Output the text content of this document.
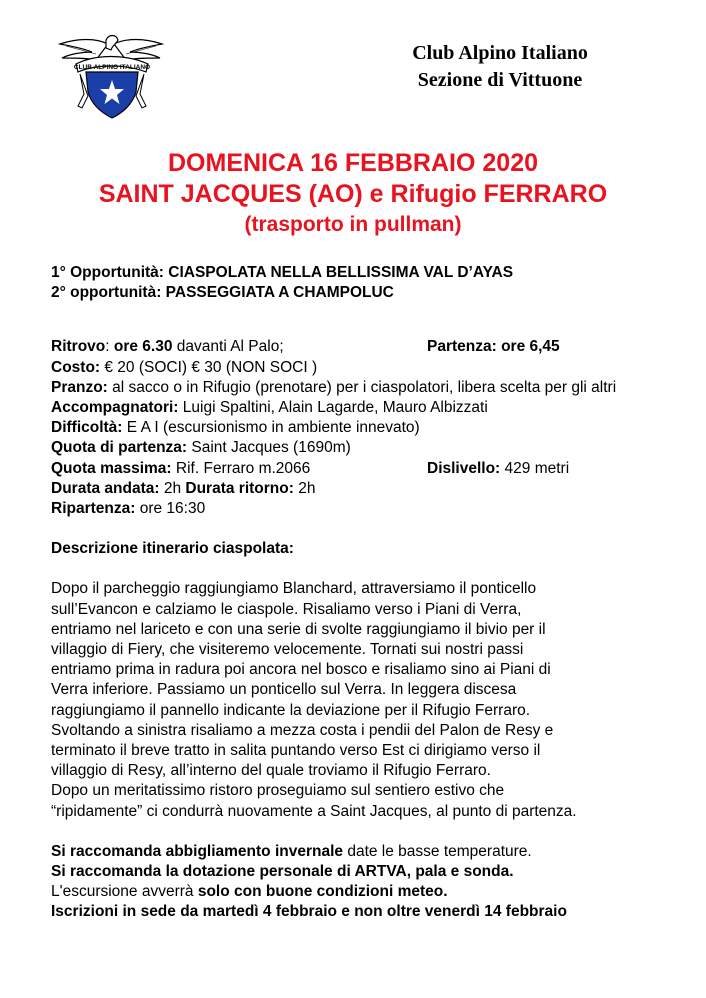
CLUB ALPINO ITALIANO
Club Alpino Italiano
Sezione di Vittuone
DOMENICA 16 FEBBRAIO 2020
SAINT JACQUES (AO) e Rifugio FERRARO
(trasporto in pullman)

1° Opportunità: CIASPOLATA NELLA BELLISSIMA VAL D’AYAS

2° opportunità: PASSEGGIATA A CHAMPOLUC

Ritrovo: ore 6.30 davanti Al Palo;	Partenza: ore 6,45

Costo: € 20 (SOCI) € 30 (NON SOCI )

Pranzo: al sacco o in Rifugio (prenotare) per i ciaspolatori, libera scelta per gli altri

Accompagnatori: Luigi Spaltini, Alain Lagarde, Mauro Albizzati

Difficoltà: E A I (escursionismo in ambiente innevato)

Quota di partenza: Saint Jacques (1690m)

Quota massima: Rif. Ferraro m.2066	Dislivello: 429 metri

Durata andata: 2h Durata ritorno: 2h

Ripartenza: ore 16:30

Descrizione itinerario ciaspolata:

Dopo il parcheggio raggiungiamo Blanchard, attraversiamo il ponticello

sull’Evancon e calziamo le ciaspole. Risaliamo verso i Piani di Verra,

entriamo nel lariceto e con una serie di svolte raggiungiamo il bivio per il

villaggio di Fiery, che visiteremo velocemente. Tornati sui nostri passi

entriamo prima in radura poi ancora nel bosco e risaliamo sino ai Piani di

Verra inferiore. Passiamo un ponticello sul Verra. In leggera discesa

raggiungiamo il pannello indicante la deviazione per il Rifugio Ferraro.

Svoltando a sinistra risaliamo a mezza costa i pendii del Palon de Resy e

terminato il breve tratto in salita puntando verso Est ci dirigiamo verso il

villaggio di Resy, all’interno del quale troviamo il Rifugio Ferraro.

Dopo un meritatissimo ristoro proseguiamo sul sentiero estivo che

“ripidamente” ci condurrà nuovamente a Saint Jacques, al punto di partenza.

Si raccomanda abbigliamento invernale date le basse temperature.

Si raccomanda la dotazione personale di ARTVA, pala e sonda.

L'escursione avverrà solo con buone condizioni meteo.

Iscrizioni in sede da martedì 4 febbraio e non oltre venerdì 14 febbraio
